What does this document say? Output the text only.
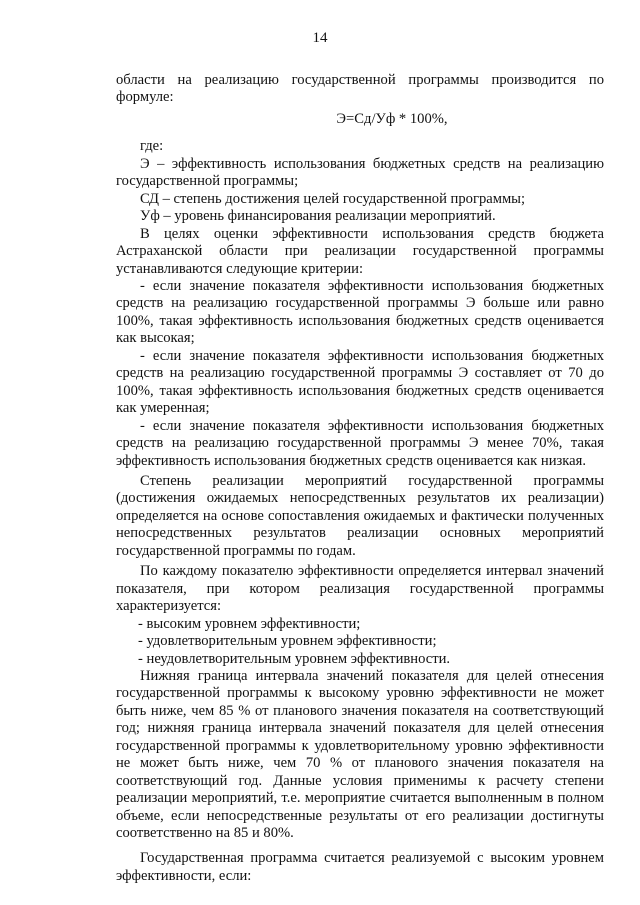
14

области на реализацию государственной программы производится по формуле:

Э=Сд/Уф * 100%,

где:

Э – эффективность использования бюджетных средств на реализацию государственной программы;

СД – степень достижения целей государственной программы;

Уф – уровень финансирования реализации мероприятий.

В целях оценки эффективности использования средств бюджета Астраханской области при реализации государственной программы устанавливаются следующие критерии:

- если значение показателя эффективности использования бюджетных средств на реализацию государственной программы Э больше или равно 100%, такая эффективность использования бюджетных средств оценивается как высокая;

- если значение показателя эффективности использования бюджетных средств на реализацию государственной программы Э составляет от 70 до 100%, такая эффективность использования бюджетных средств оценивается как умеренная;

- если значение показателя эффективности использования бюджетных средств на реализацию государственной программы Э менее 70%, такая эффективность использования бюджетных средств оценивается как низкая.

Степень реализации мероприятий государственной программы (достижения ожидаемых непосредственных результатов их реализации) определяется на основе сопоставления ожидаемых и фактически полученных непосредственных результатов реализации основных мероприятий государственной программы по годам.

По каждому показателю эффективности определяется интервал значений показателя, при котором реализация государственной программы характеризуется:

- высоким уровнем эффективности;

- удовлетворительным уровнем эффективности;

- неудовлетворительным уровнем эффективности.

Нижняя граница интервала значений показателя для целей отнесения государственной программы к высокому уровню эффективности не может быть ниже, чем 85 % от планового значения показателя на соответствующий год; нижняя граница интервала значений показателя для целей отнесения государственной программы к удовлетворительному уровню эффективности не может быть ниже, чем 70 % от планового значения показателя на соответствующий год. Данные условия применимы к расчету степени реализации мероприятий, т.е. мероприятие считается выполненным в полном объеме, если непосредственные результаты от его реализации достигнуты соответственно на 85 и 80%.

Государственная программа считается реализуемой с высоким уровнем эффективности, если:
